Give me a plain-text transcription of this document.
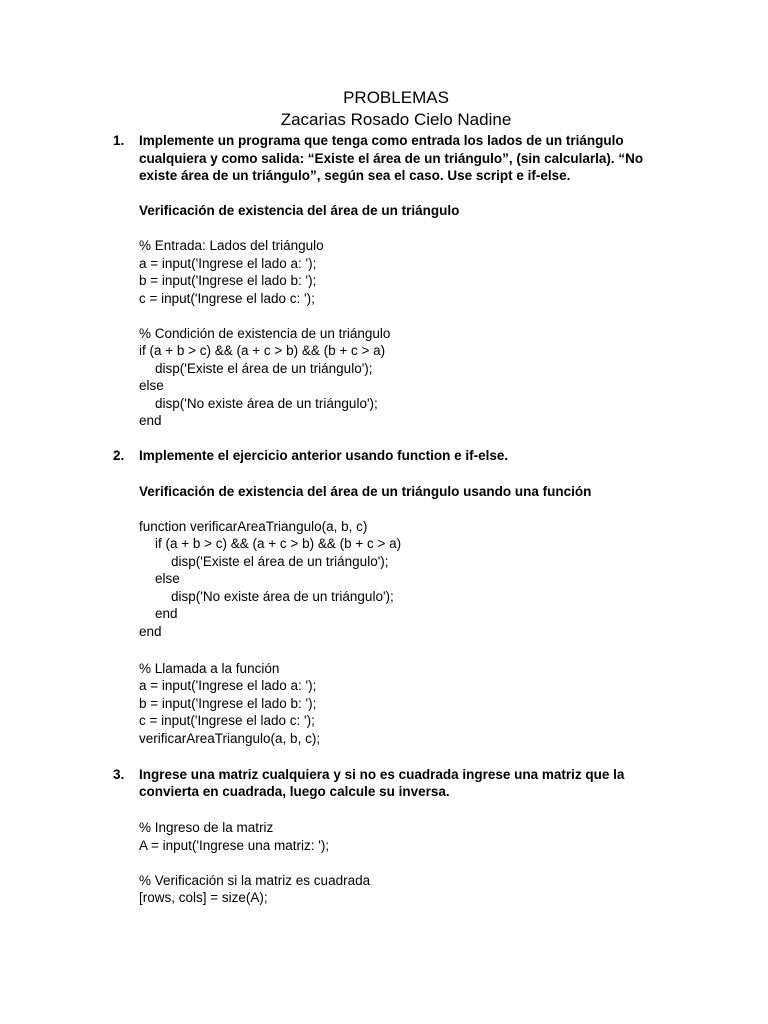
PROBLEMAS
Zacarias Rosado Cielo Nadine
1.	Implemente un programa que tenga como entrada los lados de un triángulo
cualquiera y como salida: “Existe el área de un triángulo”, (sin calcularla). “No
existe área de un triángulo”, según sea el caso. Use script e if-else.
Verificación de existencia del área de un triángulo
% Entrada: Lados del triángulo
a = input('Ingrese el lado a: ');
b = input('Ingrese el lado b: ');
c = input('Ingrese el lado c: ');
% Condición de existencia de un triángulo
if (a + b > c) && (a + c > b) && (b + c > a)
disp('Existe el área de un triángulo');
else
disp('No existe área de un triángulo');
end
2.	Implemente el ejercicio anterior usando function e if-else.
Verificación de existencia del área de un triángulo usando una función
function verificarAreaTriangulo(a, b, c)
if (a + b > c) && (a + c > b) && (b + c > a)
disp('Existe el área de un triángulo');
else
disp('No existe área de un triángulo');
end
end
% Llamada a la función
a = input('Ingrese el lado a: ');
b = input('Ingrese el lado b: ');
c = input('Ingrese el lado c: ');
verificarAreaTriangulo(a, b, c);
3.	Ingrese una matriz cualquiera y si no es cuadrada ingrese una matriz que la
convierta en cuadrada, luego calcule su inversa.
% Ingreso de la matriz
A = input('Ingrese una matriz: ');
% Verificación si la matriz es cuadrada
[rows, cols] = size(A);
